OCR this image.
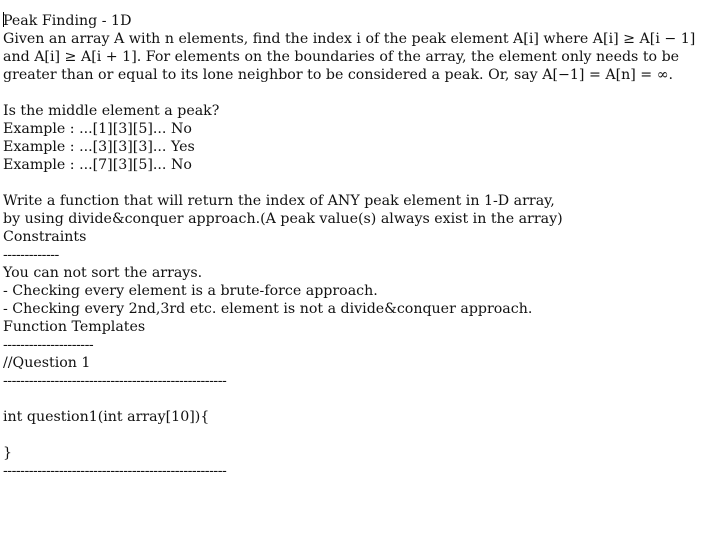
Peak Finding - 1D
Given an array A with n elements, find the index i of the peak element A[i] where A[i] ≥ A[i − 1]
and A[i] ≥ A[i + 1]. For elements on the boundaries of the array, the element only needs to be
greater than or equal to its lone neighbor to be considered a peak. Or, say A[−1] = A[n] = ∞.
Is the middle element a peak?
Example : ...[1][3][5]... No
Example : ...[3][3][3]... Yes
Example : ...[7][3][5]... No
Write a function that will return the index of ANY peak element in 1-D array,
by using divide&conquer approach.(A peak value(s) always exist in the array)
Constraints
-------------
You can not sort the arrays.
- Checking every element is a brute-force approach.
- Checking every 2nd,3rd etc. element is not a divide&conquer approach.
Function Templates
---------------------
//Question 1
----------------------------------------------------
int question1(int array[10]){
}
----------------------------------------------------
